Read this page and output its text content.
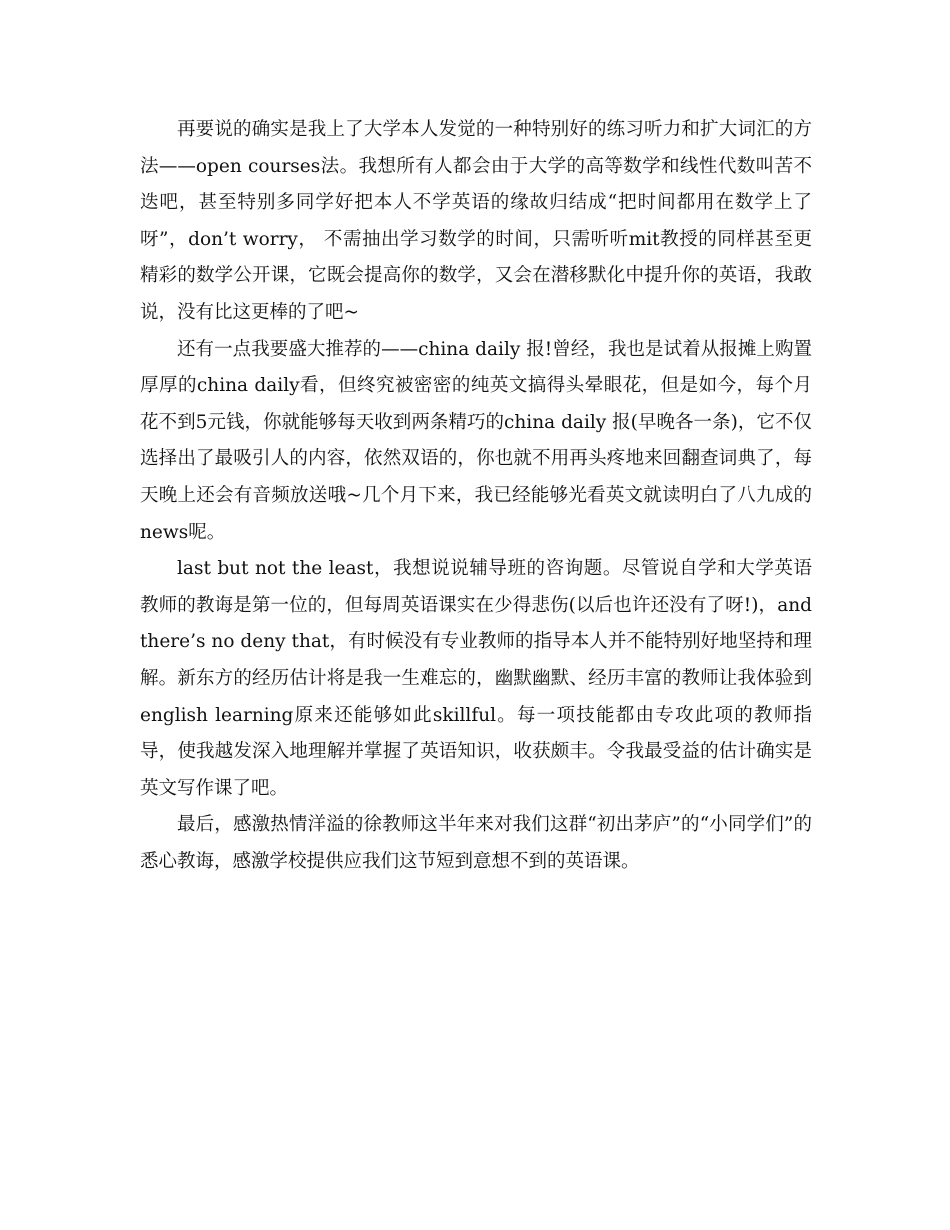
再要说的确实是我上了大学本人发觉的一种特别好的练习听力和扩大词汇的方法——open courses法。我想所有人都会由于大学的高等数学和线性代数叫苦不迭吧，甚至特别多同学好把本人不学英语的缘故归结成“把时间都用在数学上了呀”，don’t worry， 不需抽出学习数学的时间，只需听听mit教授的同样甚至更精彩的数学公开课，它既会提高你的数学，又会在潜移默化中提升你的英语，我敢说，没有比这更棒的了吧~

还有一点我要盛大推荐的——china daily 报!曾经，我也是试着从报摊上购置厚厚的china daily看，但终究被密密的纯英文搞得头晕眼花，但是如今，每个月花不到5元钱，你就能够每天收到两条精巧的china daily 报(早晚各一条)，它不仅选择出了最吸引人的内容，依然双语的，你也就不用再头疼地来回翻查词典了，每天晚上还会有音频放送哦~几个月下来，我已经能够光看英文就读明白了八九成的news呢。

last but not the least，我想说说辅导班的咨询题。尽管说自学和大学英语教师的教诲是第一位的，但每周英语课实在少得悲伤(以后也许还没有了呀!)，and there’s no deny that，有时候没有专业教师的指导本人并不能特别好地坚持和理解。新东方的经历估计将是我一生难忘的，幽默幽默、经历丰富的教师让我体验到english learning原来还能够如此skillful。每一项技能都由专攻此项的教师指导，使我越发深入地理解并掌握了英语知识，收获颇丰。令我最受益的估计确实是英文写作课了吧。

最后，感激热情洋溢的徐教师这半年来对我们这群“初出茅庐”的“小同学们”的悉心教诲，感激学校提供应我们这节短到意想不到的英语课。
